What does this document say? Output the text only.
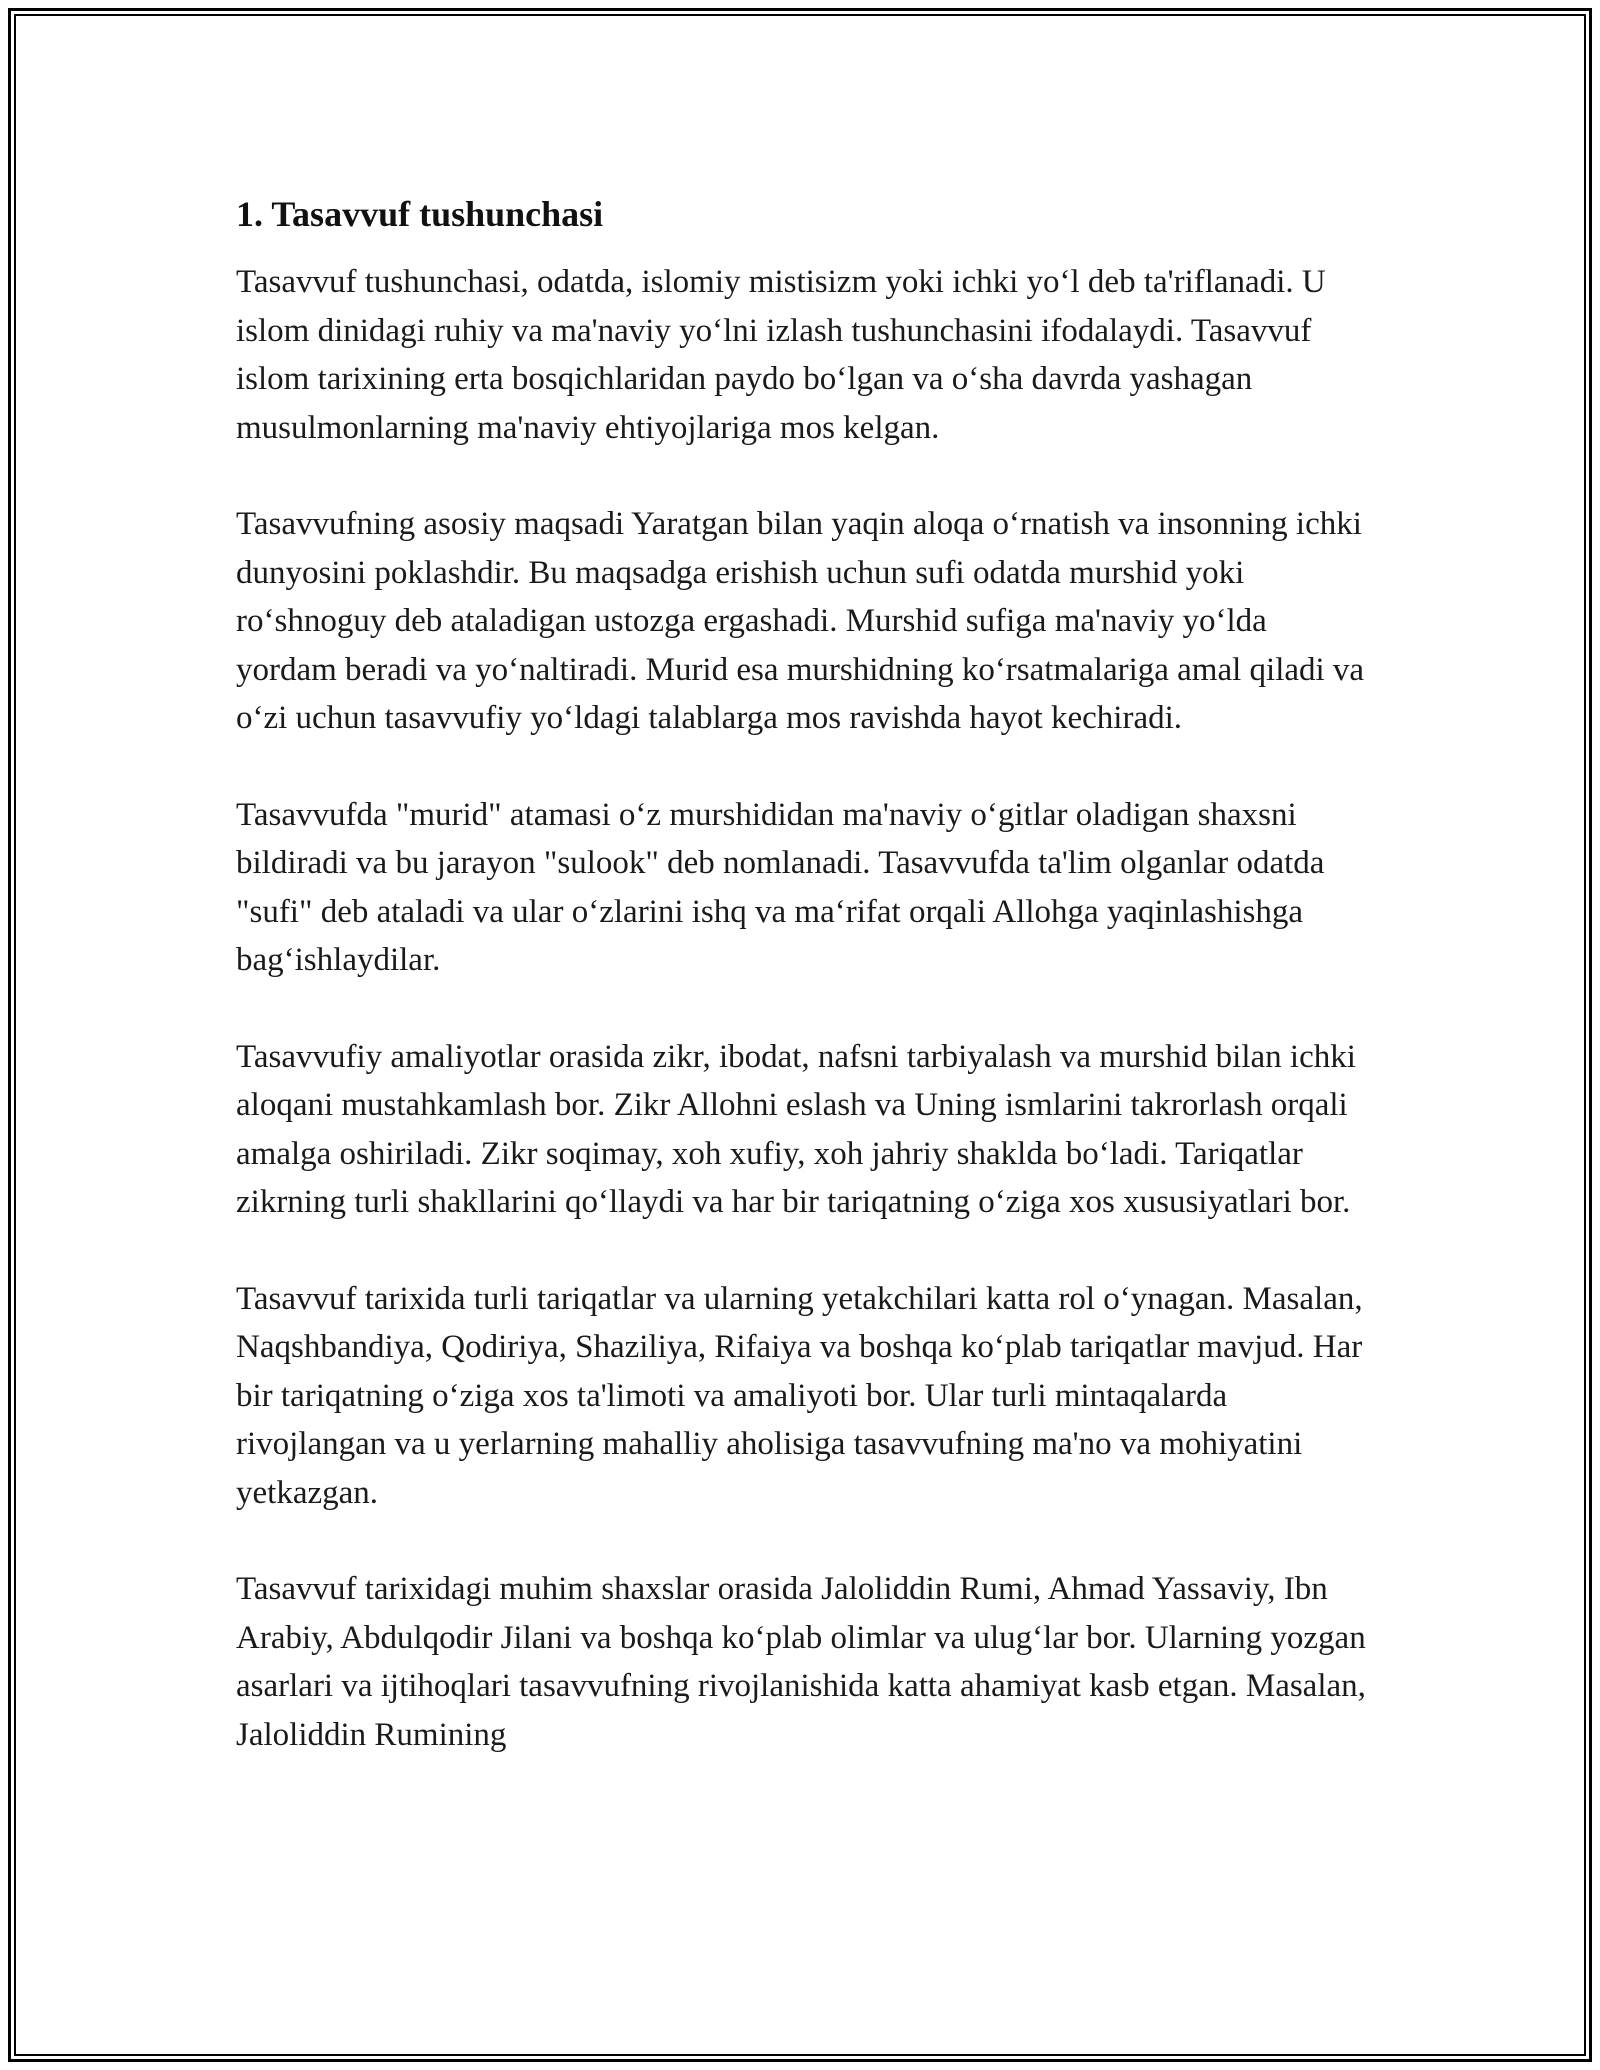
1. Tasavvuf tushunchasi

Tasavvuf tushunchasi, odatda, islomiy mistisizm yoki ichki yo‘l deb ta'riflanadi. U islom dinidagi ruhiy va ma'naviy yo‘lni izlash tushunchasini ifodalaydi. Tasavvuf islom tarixining erta bosqichlaridan paydo bo‘lgan va o‘sha davrda yashagan musulmonlarning ma'naviy ehtiyojlariga mos kelgan.

Tasavvufning asosiy maqsadi Yaratgan bilan yaqin aloqa o‘rnatish va insonning ichki dunyosini poklashdir. Bu maqsadga erishish uchun sufi odatda murshid yoki ro‘shnoguy deb ataladigan ustozga ergashadi. Murshid sufiga ma'naviy yo‘lda yordam beradi va yo‘naltiradi. Murid esa murshidning ko‘rsatmalariga amal qiladi va o‘zi uchun tasavvufiy yo‘ldagi talablarga mos ravishda hayot kechiradi.

Tasavvufda "murid" atamasi o‘z murshididan ma'naviy o‘gitlar oladigan shaxsni bildiradi va bu jarayon "sulook" deb nomlanadi. Tasavvufda ta'lim olganlar odatda "sufi" deb ataladi va ular o‘zlarini ishq va ma‘rifat orqali Allohga yaqinlashishga bag‘ishlaydilar.

Tasavvufiy amaliyotlar orasida zikr, ibodat, nafsni tarbiyalash va murshid bilan ichki aloqani mustahkamlash bor. Zikr Allohni eslash va Uning ismlarini takrorlash orqali amalga oshiriladi. Zikr soqimay, xoh xufiy, xoh jahriy shaklda bo‘ladi. Tariqatlar zikrning turli shakllarini qo‘llaydi va har bir tariqatning o‘ziga xos xususiyatlari bor.

Tasavvuf tarixida turli tariqatlar va ularning yetakchilari katta rol o‘ynagan. Masalan, Naqshbandiya, Qodiriya, Shaziliya, Rifaiya va boshqa ko‘plab tariqatlar mavjud. Har bir tariqatning o‘ziga xos ta'limoti va amaliyoti bor. Ular turli mintaqalarda rivojlangan va u yerlarning mahalliy aholisiga tasavvufning ma'no va mohiyatini yetkazgan.

Tasavvuf tarixidagi muhim shaxslar orasida Jaloliddin Rumi, Ahmad Yassaviy, Ibn Arabiy, Abdulqodir Jilani va boshqa ko‘plab olimlar va ulug‘lar bor. Ularning yozgan asarlari va ijtihoqlari tasavvufning rivojlanishida katta ahamiyat kasb etgan. Masalan, Jaloliddin Rumining
